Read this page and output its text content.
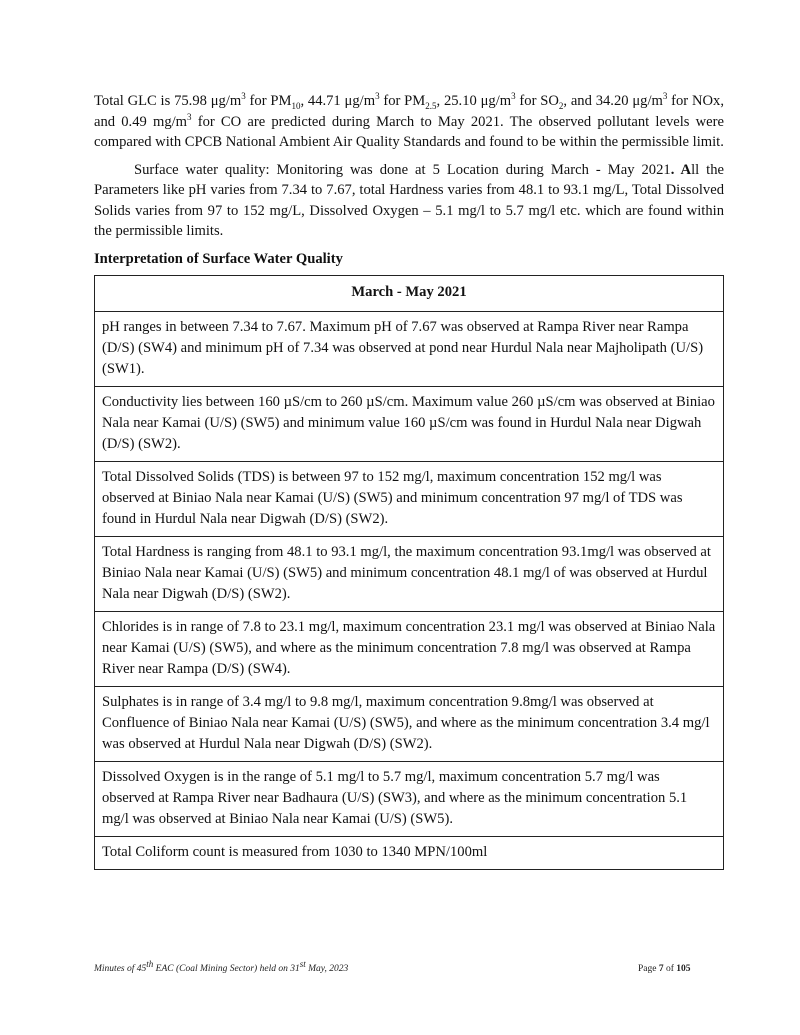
Total GLC is 75.98 $\mu g/m^3$ for $PM_{10}$, 44.71 $\mu g/m^3$ for $PM_{2.5}$, 25.10 $\mu g/m^3$ for $SO_2$, and 34.20 $\mu g/m^3$ for NOx, and 0.49 $mg/m^3$ for CO are predicted during March to May 2021. The observed pollutant levels were compared with CPCB National Ambient Air Quality Standards and found to be within the permissible limit.

Surface water quality: Monitoring was done at 5 Location during March - May 2021. All the Parameters like pH varies from 7.34 to 7.67, total Hardness varies from 48.1 to 93.1 mg/L, Total Dissolved Solids varies from 97 to 152 mg/L, Dissolved Oxygen – 5.1 mg/l to 5.7 mg/l etc. which are found within the permissible limits.

Interpretation of Surface Water Quality
March - May 2021
pH ranges in between 7.34 to 7.67. Maximum pH of 7.67 was observed at Rampa River near Rampa (D/S) (SW4) and minimum pH of 7.34 was observed at pond near Hurdul Nala near Majholipath (U/S) (SW1).
Conductivity lies between 160 µS/cm to 260 µS/cm. Maximum value 260 µS/cm was observed at Biniao Nala near Kamai (U/S) (SW5) and minimum value 160 µS/cm was found in Hurdul Nala near Digwah (D/S) (SW2).
Total Dissolved Solids (TDS) is between 97 to 152 mg/l, maximum concentration 152 mg/l was observed at Biniao Nala near Kamai (U/S) (SW5) and minimum concentration 97 mg/l of TDS was found in Hurdul Nala near Digwah (D/S) (SW2).
Total Hardness is ranging from 48.1 to 93.1 mg/l, the maximum concentration 93.1mg/l was observed at Biniao Nala near Kamai (U/S) (SW5) and minimum concentration 48.1 mg/l of was observed at Hurdul Nala near Digwah (D/S) (SW2).
Chlorides is in range of 7.8 to 23.1 mg/l, maximum concentration 23.1 mg/l was observed at Biniao Nala near Kamai (U/S) (SW5), and where as the minimum concentration 7.8 mg/l was observed at Rampa River near Rampa (D/S) (SW4).
Sulphates is in range of 3.4 mg/l to 9.8 mg/l, maximum concentration 9.8mg/l was observed at Confluence of Biniao Nala near Kamai (U/S) (SW5), and where as the minimum concentration 3.4 mg/l was observed at Hurdul Nala near Digwah (D/S) (SW2).
Dissolved Oxygen is in the range of 5.1 mg/l to 5.7 mg/l, maximum concentration 5.7 mg/l was observed at Rampa River near Badhaura (U/S) (SW3), and where as the minimum concentration 5.1 mg/l was observed at Biniao Nala near Kamai (U/S) (SW5).
Total Coliform count is measured from 1030 to 1340 MPN/100ml
Minutes of 45th EAC (Coal Mining Sector) held on 31st May, 2023	Page 7 of 105
